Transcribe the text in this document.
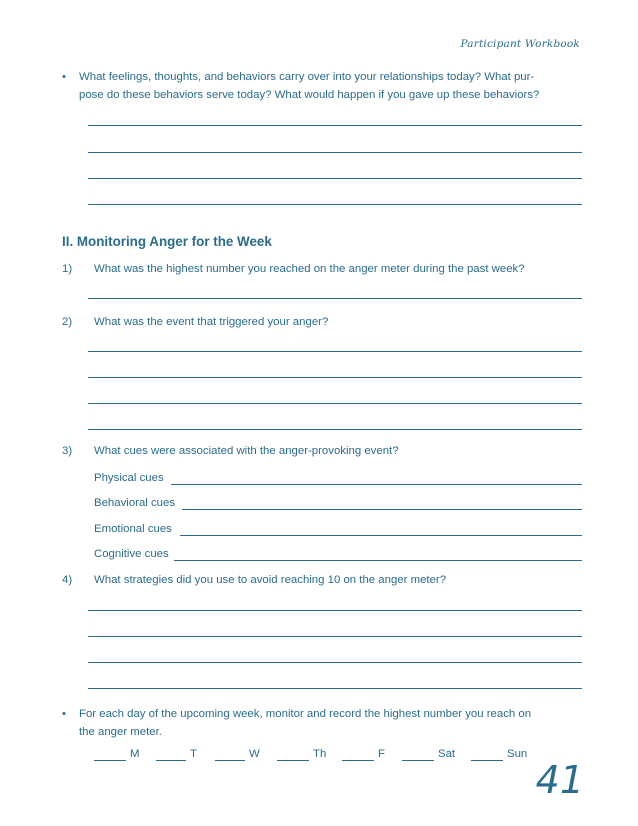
Participant Workbook
• What feelings, thoughts, and behaviors carry over into your relationships today? What pur-
pose do these behaviors serve today? What would happen if you gave up these behaviors?
II. Monitoring Anger for the Week
1) What was the highest number you reached on the anger meter during the past week?
2) What was the event that triggered your anger?
3) What cues were associated with the anger-provoking event?
Physical cues
Behavioral cues
Emotional cues
Cognitive cues
4) What strategies did you use to avoid reaching 10 on the anger meter?
• For each day of the upcoming week, monitor and record the highest number you reach on
the anger meter.
M	T	W	Th	F	Sat	Sun
41
